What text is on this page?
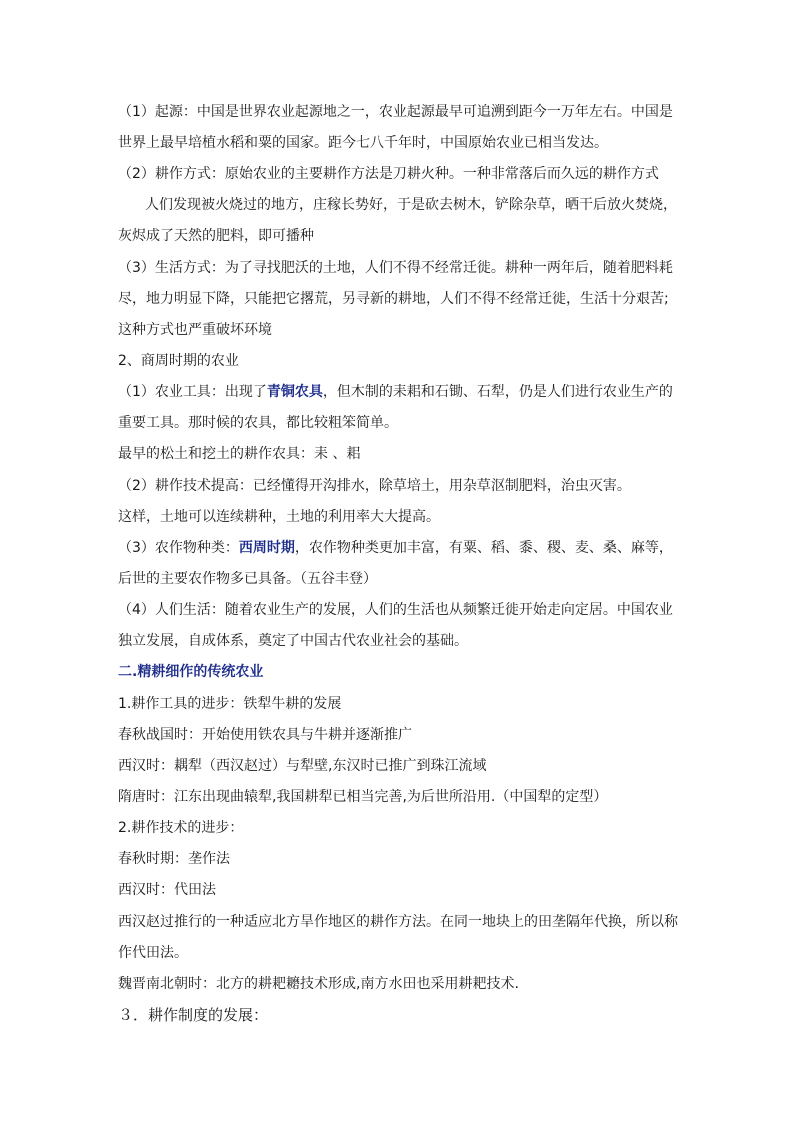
（1）起源：中国是世界农业起源地之一，农业起源最早可追溯到距今一万年左右。中国是
世界上最早培植水稻和粟的国家。距今七八千年时，中国原始农业已相当发达。
（2）耕作方式：原始农业的主要耕作方法是刀耕火种。一种非常落后而久远的耕作方式
人们发现被火烧过的地方，庄稼长势好，于是砍去树木，铲除杂草，晒干后放火焚烧，
灰烬成了天然的肥料，即可播种
（3）生活方式：为了寻找肥沃的土地，人们不得不经常迁徙。耕种一两年后，随着肥料耗
尽，地力明显下降，只能把它撂荒，另寻新的耕地，人们不得不经常迁徙，生活十分艰苦;
这种方式也严重破坏环境
2、商周时期的农业
（1）农业工具：出现了青铜农具，但木制的耒耜和石锄、石犁，仍是人们进行农业生产的
重要工具。那时候的农具，都比较粗笨简单。
最早的松土和挖土的耕作农具：耒 、耜
（2）耕作技术提高：已经懂得开沟排水，除草培土，用杂草沤制肥料，治虫灭害。
这样，土地可以连续耕种，土地的利用率大大提高。
（3）农作物种类：西周时期，农作物种类更加丰富，有粟、稻、黍、稷、麦、桑、麻等，
后世的主要农作物多已具备。（五谷丰登）
（4）人们生活：随着农业生产的发展，人们的生活也从频繁迁徙开始走向定居。中国农业
独立发展，自成体系，奠定了中国古代农业社会的基础。
二.精耕细作的传统农业
1.耕作工具的进步：铁犁牛耕的发展
春秋战国时：开始使用铁农具与牛耕并逐渐推广
西汉时：耦犁（西汉赵过）与犁壁,东汉时已推广到珠江流域
隋唐时：江东出现曲辕犁,我国耕犁已相当完善,为后世所沿用.（中国犁的定型）
2.耕作技术的进步：
春秋时期：垄作法
西汉时：代田法
西汉赵过推行的一种适应北方旱作地区的耕作方法。在同一地块上的田垄隔年代换，所以称
作代田法。
魏晋南北朝时：北方的耕耙耱技术形成,南方水田也采用耕耙技术.
３．耕作制度的发展：
